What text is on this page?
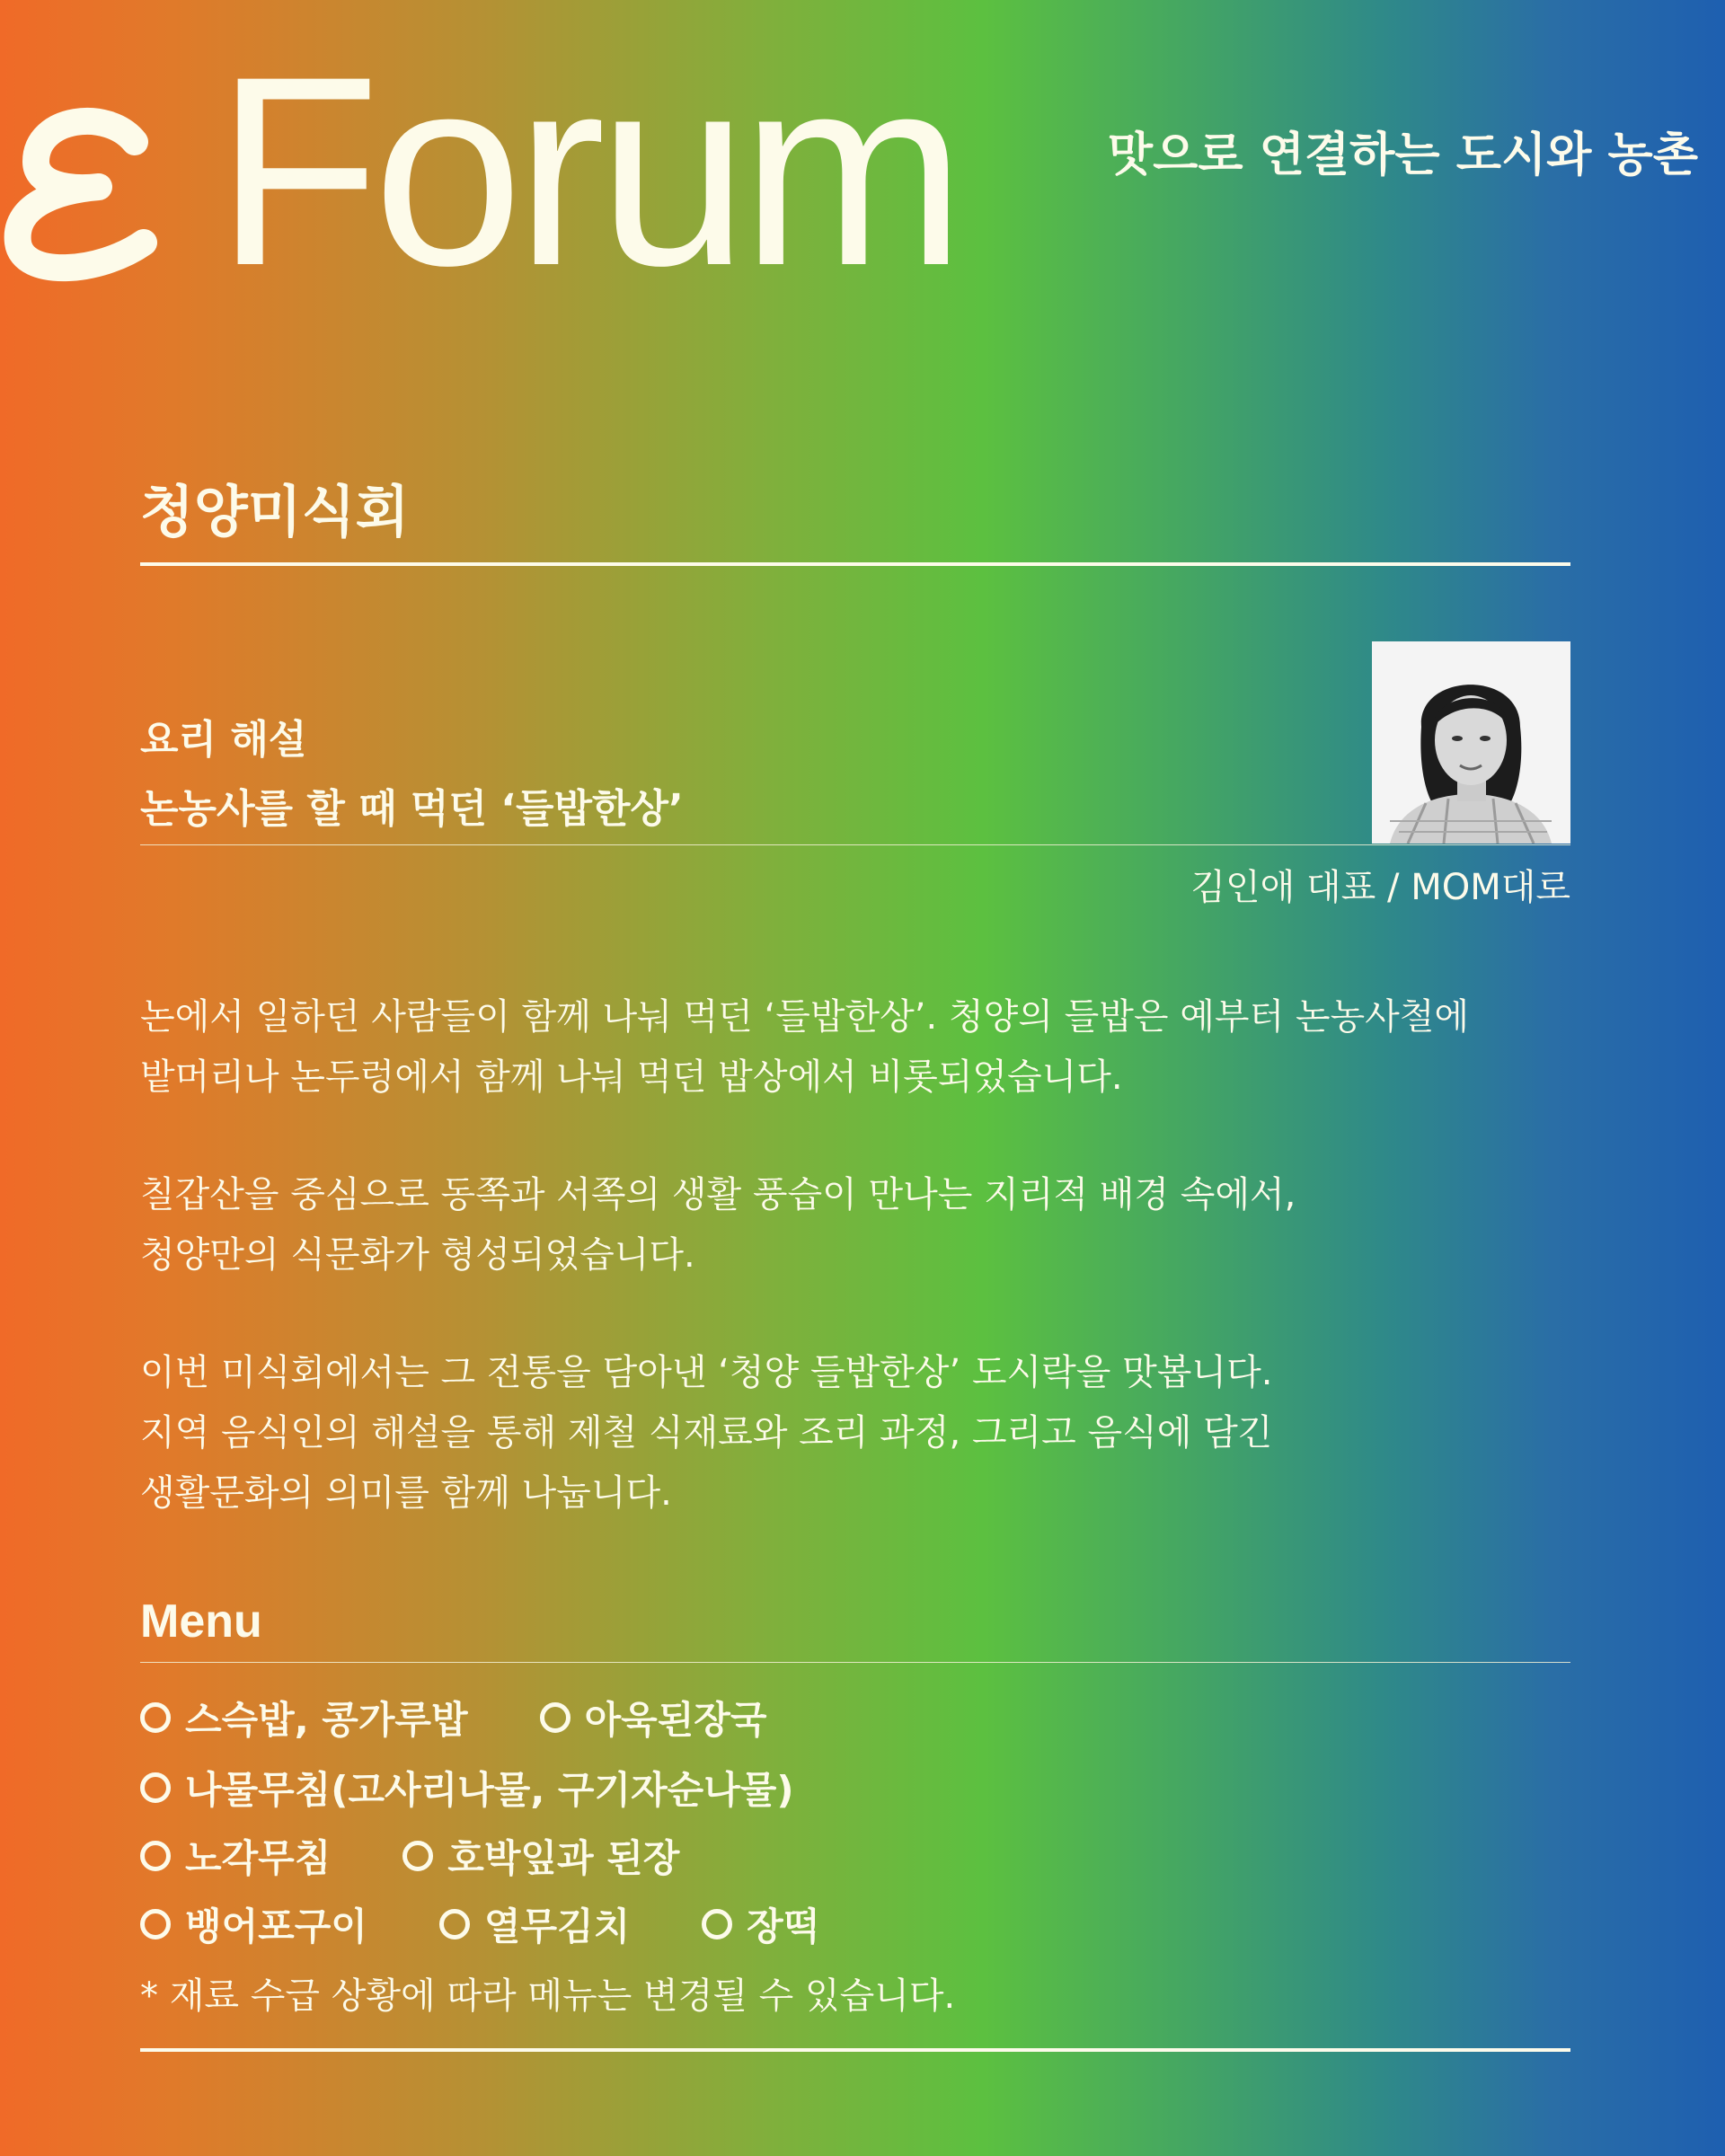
Forum	맛으로 연결하는 도시와 농촌
청양미식회
요리 해설
논농사를 할 때 먹던 ‘들밥한상’
김인애 대표 / MOM대로
논에서 일하던 사람들이 함께 나눠 먹던 ‘들밥한상’. 청양의 들밥은 예부터 논농사철에
밭머리나 논두렁에서 함께 나눠 먹던 밥상에서 비롯되었습니다.
칠갑산을 중심으로 동쪽과 서쪽의 생활 풍습이 만나는 지리적 배경 속에서,
청양만의 식문화가 형성되었습니다.
이번 미식회에서는 그 전통을 담아낸 ‘청양 들밥한상’ 도시락을 맛봅니다.
지역 음식인의 해설을 통해 제철 식재료와 조리 과정, 그리고 음식에 담긴
생활문화의 의미를 함께 나눕니다.
Menu
스슥밥, 콩가루밥	아욱된장국
나물무침(고사리나물, 구기자순나물)
노각무침	호박잎과 된장
뱅어포구이	열무김치	장떡
* 재료 수급 상황에 따라 메뉴는 변경될 수 있습니다.
